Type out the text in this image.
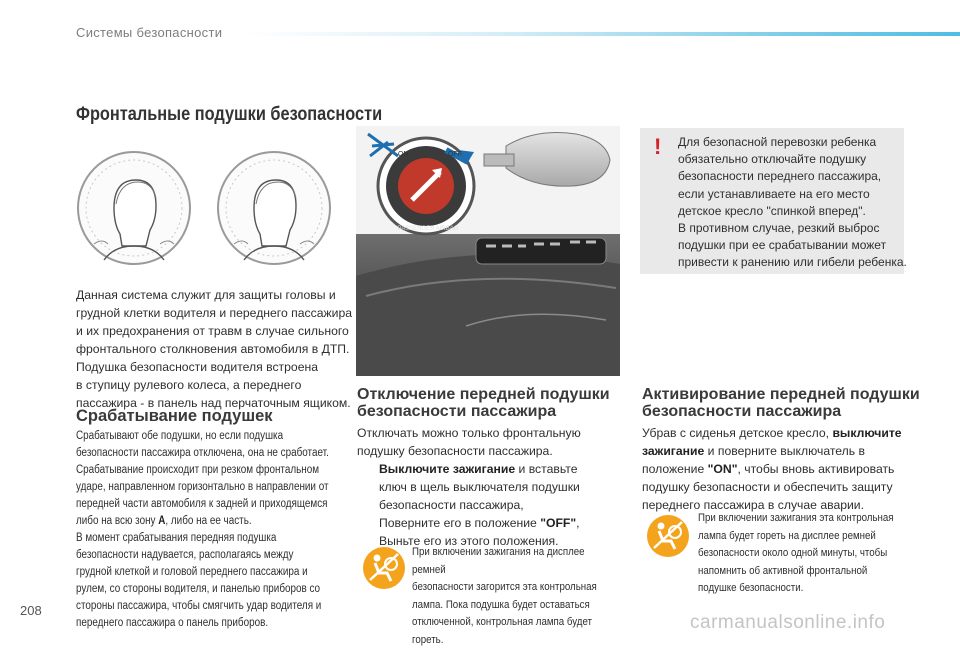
Системы безопасности
Фронтальные подушки безопасности
Данная система служит для защиты головы и
грудной клетки водителя и переднего пассажира
и их предохранения от травм в случае сильного
фронтального столкновения автомобиля в ДТП.
Подушка безопасности водителя встроена
в ступицу рулевого колеса, а переднего
пассажира - в панель над перчаточным ящиком.
Срабатывание подушек
Срабатывают обе подушки, но если подушка
безопасности пассажира отключена, она не сработает.
Срабатывание происходит при резком фронтальном
ударе, направленном горизонтально в направлении от
передней части автомобиля к задней и приходящемся
либо на всю зону A, либо на ее часть.
В момент срабатывания передняя подушка
безопасности надувается, располагаясь между
грудной клеткой и головой переднего пассажира и
рулем, со стороны водителя, и панелью приборов со
стороны пассажира, чтобы смягчить удар водителя и
переднего пассажира о панель приборов.
PASSENGER AIRBAG
ON	OFF	!	Для безопасной перевозки ребенка
обязательно отключайте подушку
безопасности переднего пассажира,
если устанавливаете на его место
детское кресло "спинкой вперед".
В противном случае, резкий выброс
подушки при ее срабатывании может
привести к ранению или гибели ребенка.
Отключение передней подушки
безопасности пассажира
Отключать можно только фронтальную
подушку безопасности пассажира.
Выключите зажигание и вставьте
ключ в щель выключателя подушки
безопасности пассажира,
Поверните его в положение "OFF",
Выньте его из этого положения.
При включении зажигания на дисплее ремней
безопасности загорится эта контрольная
лампа. Пока подушка будет оставаться
отключенной, контрольная лампа будет гореть.
Активирование передней подушки
безопасности пассажира
Убрав с сиденья детское кресло, выключите
зажигание и поверните выключатель в
положение "ON", чтобы вновь активировать
подушку безопасности и обеспечить защиту
переднего пассажира в случае аварии.
При включении зажигания эта контрольная
лампа будет гореть на дисплее ремней
безопасности около одной минуты, чтобы
напомнить об активной фронтальной
подушке безопасности.
208
carmanualsonline.info
